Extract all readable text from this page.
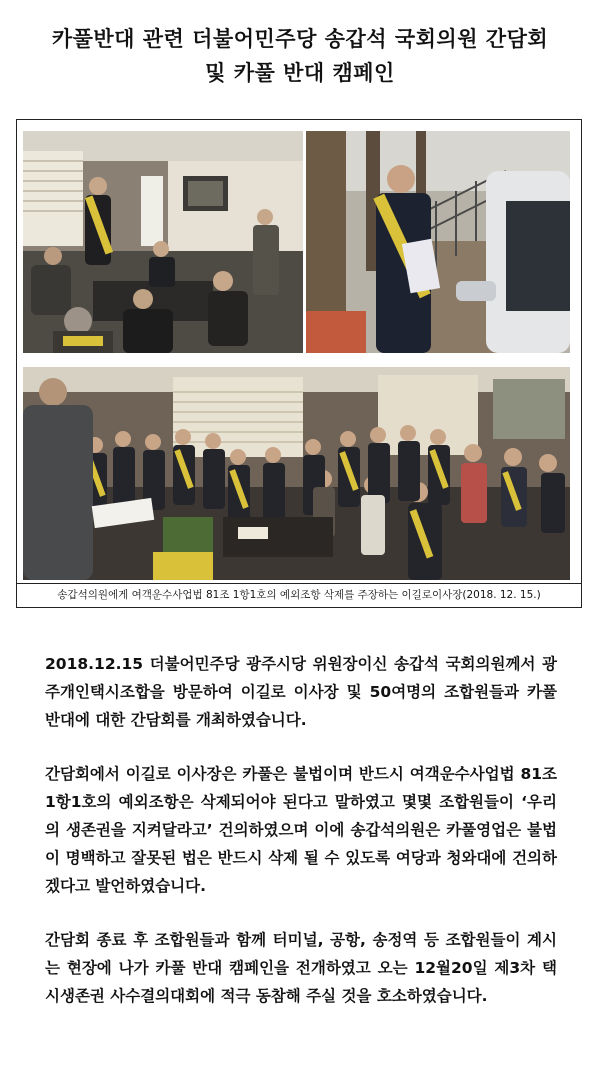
카풀반대 관련 더불어민주당 송갑석 국회의원 간담회
및 카풀 반대 캠페인
송갑석의원에게 여객운수사업법 81조 1항1호의 예외조항 삭제를 주장하는 이길로이사장(2018. 12. 15.)
2018.12.15 더불어민주당 광주시당 위원장이신 송갑석 국회의원께서 광주개인택시조합을 방문하여 이길로 이사장 및 50여명의 조합원들과 카풀 반대에 대한 간담회를 개최하였습니다.
간담회에서 이길로 이사장은 카풀은 불법이며 반드시 여객운수사업법 81조 1항1호의 예외조항은 삭제되어야 된다고 말하였고 몇몇 조합원들이 ‘우리의 생존권을 지켜달라고’ 건의하였으며 이에 송갑석의원은 카풀영업은 불법이 명백하고 잘못된 법은 반드시 삭제 될 수 있도록 여당과 청와대에 건의하겠다고 발언하였습니다.
간담회 종료 후 조합원들과 함께 터미널, 공항, 송정역 등 조합원들이 계시는 현장에 나가 카풀 반대 캠페인을 전개하였고 오는 12월20일 제3차 택시생존권 사수결의대회에 적극 동참해 주실 것을 호소하였습니다.
